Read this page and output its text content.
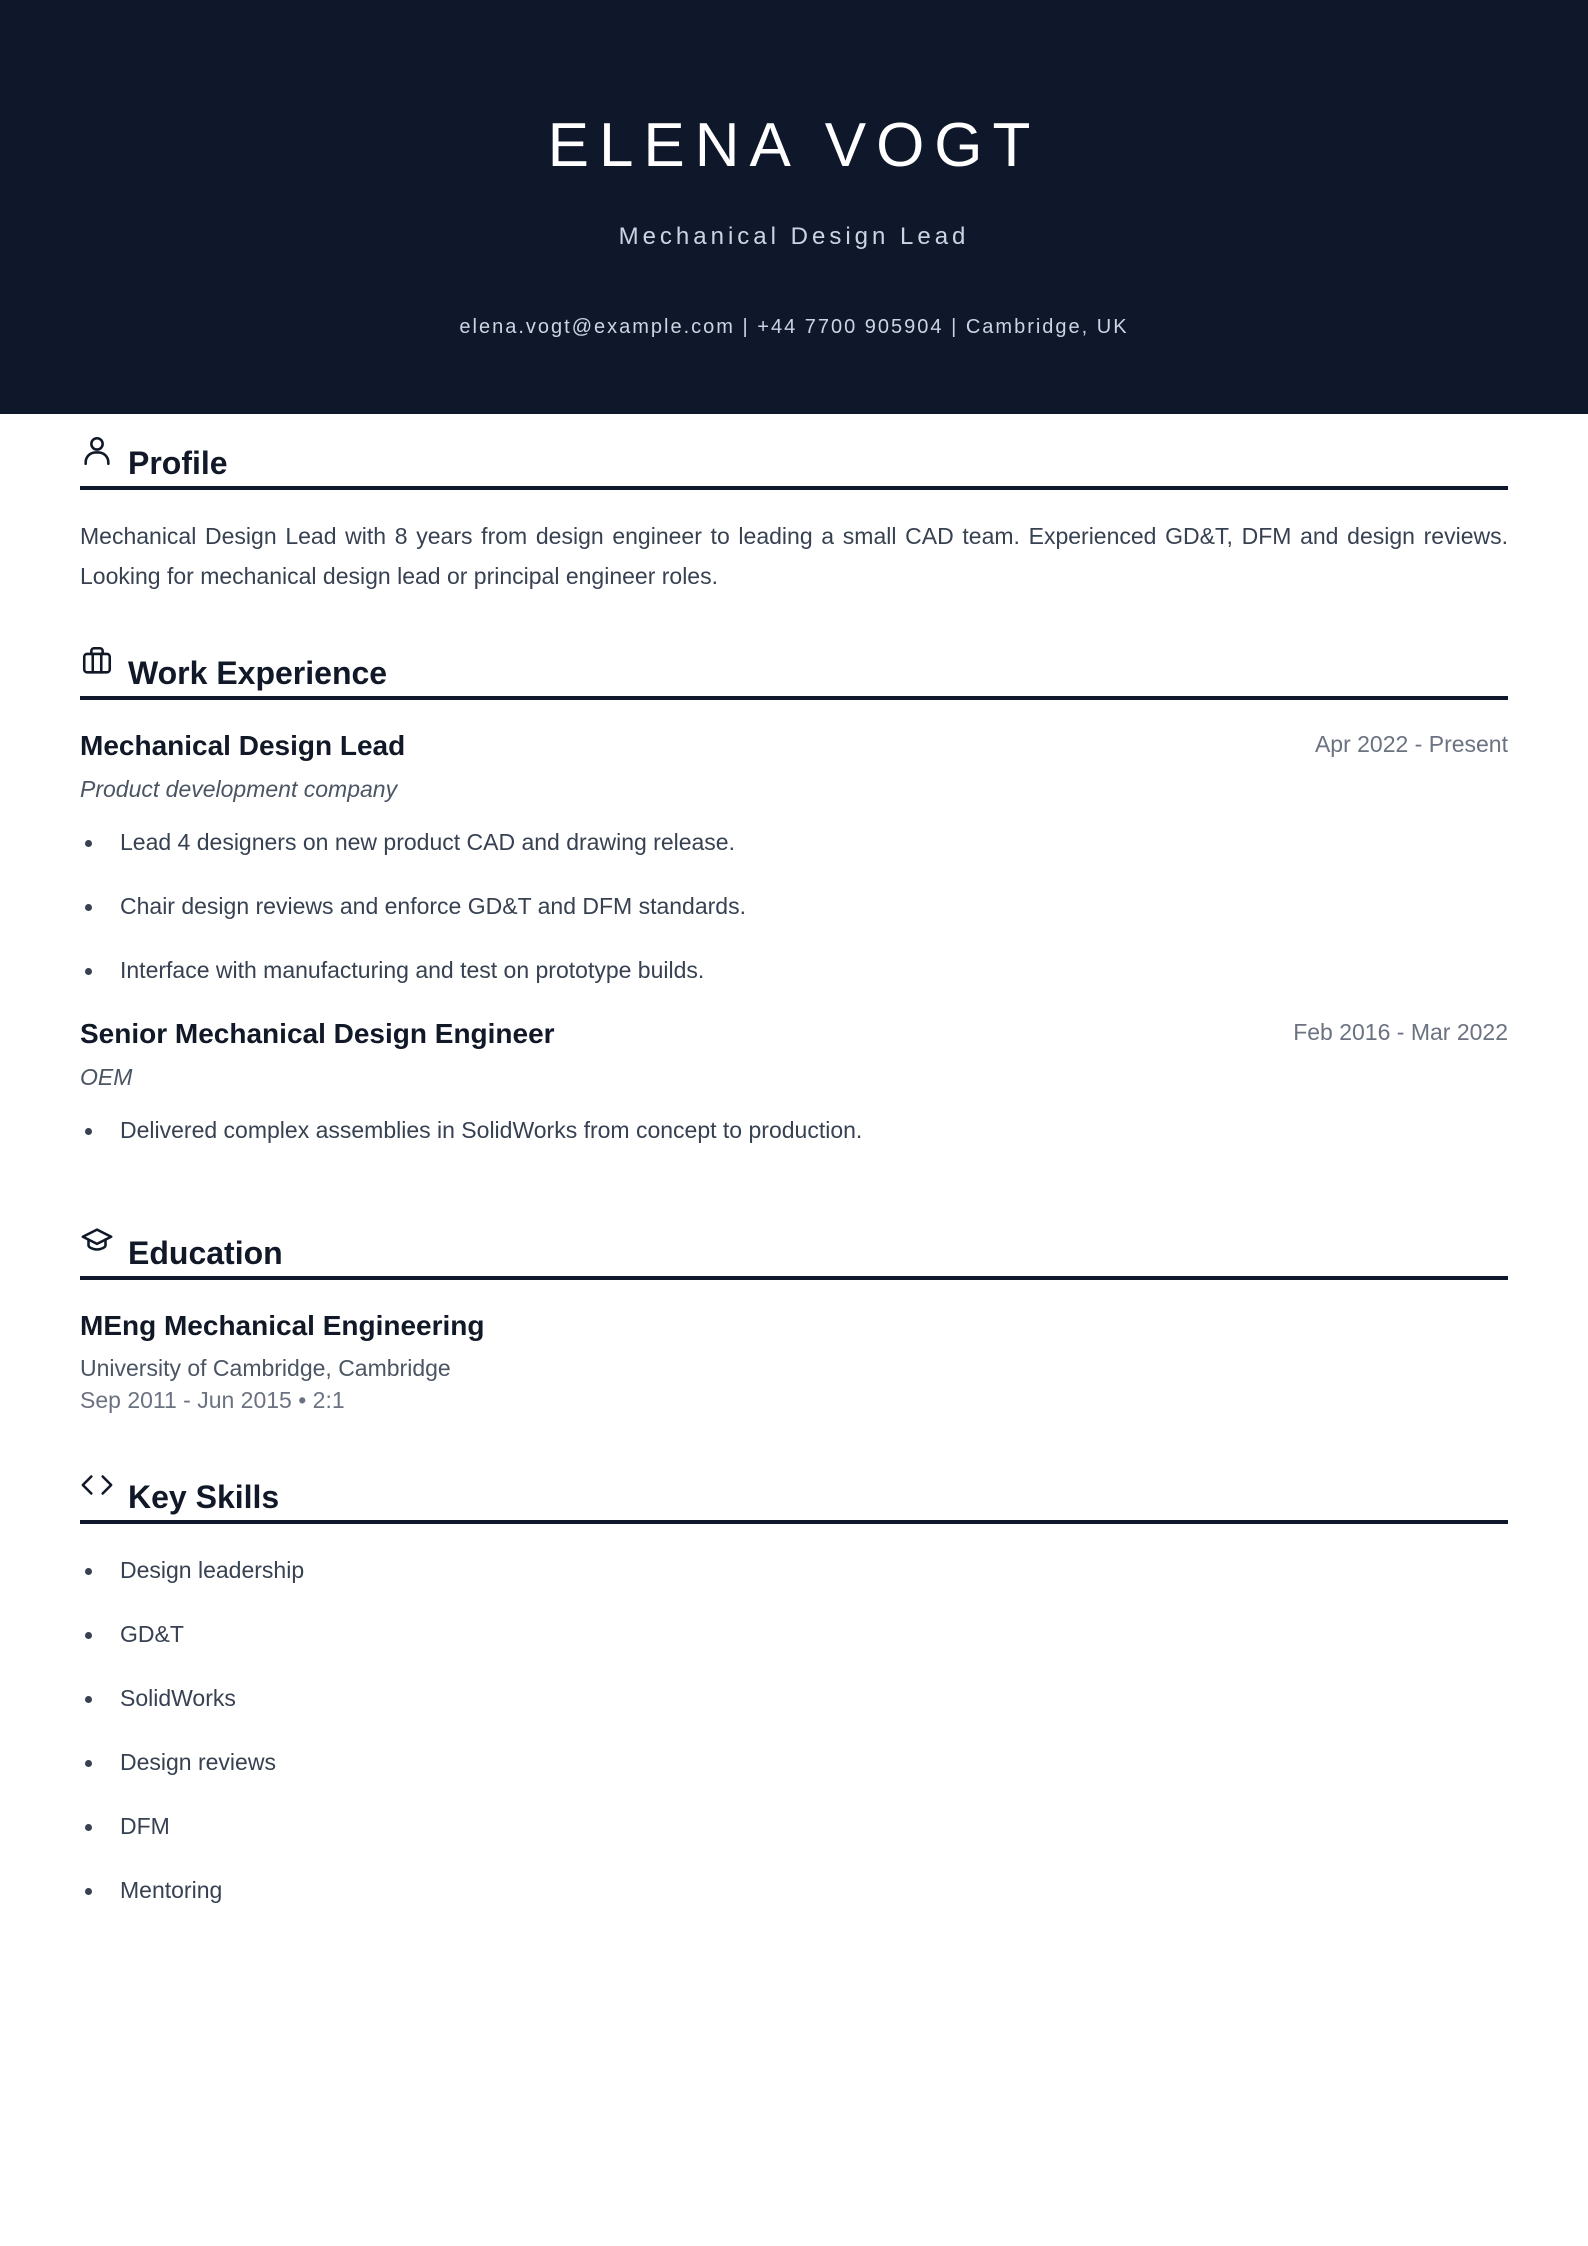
ELENA VOGT
Mechanical Design Lead
elena.vogt@example.com | +44 7700 905904 | Cambridge, UK
Profile

Mechanical Design Lead with 8 years from design engineer to leading a small CAD team. Experienced GD&T, DFM and design reviews. Looking for mechanical design lead or principal engineer roles.

Work Experience
Mechanical Design Lead	Apr 2022 - Present
Product development company
Lead 4 designers on new product CAD and drawing release.
Chair design reviews and enforce GD&T and DFM standards.
Interface with manufacturing and test on prototype builds.
Senior Mechanical Design Engineer	Feb 2016 - Mar 2022
OEM
Delivered complex assemblies in SolidWorks from concept to production.
Education
MEng Mechanical Engineering
University of Cambridge, Cambridge
Sep 2011 - Jun 2015 • 2:1
Key Skills
Design leadership
GD&T
SolidWorks
Design reviews
DFM
Mentoring
